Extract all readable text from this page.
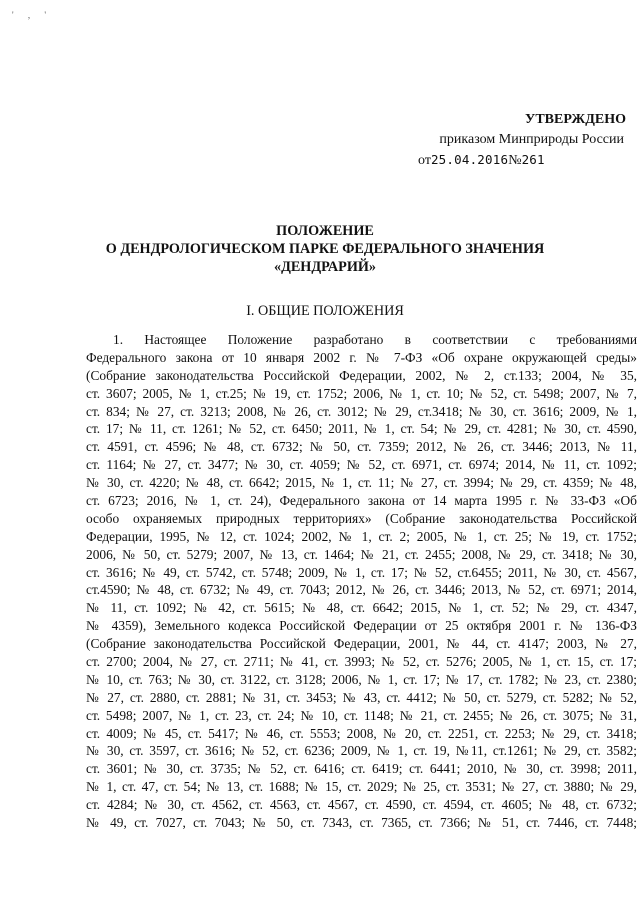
' , '
УТВЕРЖДЕНО
приказом Минприроды России
от25.04.2016№261
ПОЛОЖЕНИЕ
О ДЕНДРОЛОГИЧЕСКОМ ПАРКЕ ФЕДЕРАЛЬНОГО ЗНАЧЕНИЯ
«ДЕНДРАРИЙ»
I. ОБЩИЕ ПОЛОЖЕНИЯ
1. Настоящее Положение разработано в соответствии с требованиями
Федерального закона от 10 января 2002 г. № 7-ФЗ «Об охране окружающей среды»
(Собрание законодательства Российской Федерации, 2002, № 2, ст.133; 2004, № 35,
ст. 3607; 2005, № 1, ст.25; № 19, ст. 1752; 2006, № 1, ст. 10; № 52, ст. 5498; 2007, № 7,
ст. 834; № 27, ст. 3213; 2008, № 26, ст. 3012; № 29, ст.3418; № 30, ст. 3616; 2009, № 1,
ст. 17; № 11, ст. 1261; № 52, ст. 6450; 2011, № 1, ст. 54; № 29, ст. 4281; № 30, ст. 4590,
ст. 4591, ст. 4596; № 48, ст. 6732; № 50, ст. 7359; 2012, № 26, ст. 3446; 2013, № 11,
ст. 1164; № 27, ст. 3477; № 30, ст. 4059; № 52, ст. 6971, ст. 6974; 2014, № 11, ст. 1092;
№ 30, ст. 4220; № 48, ст. 6642; 2015, № 1, ст. 11; № 27, ст. 3994; № 29, ст. 4359; № 48,
ст. 6723; 2016, № 1, ст. 24), Федерального закона от 14 марта 1995 г. № 33-ФЗ «Об
особо охраняемых природных территориях» (Собрание законодательства Российской
Федерации, 1995, № 12, ст. 1024; 2002, № 1, ст. 2; 2005, № 1, ст. 25; № 19, ст. 1752;
2006, № 50, ст. 5279; 2007, № 13, ст. 1464; № 21, ст. 2455; 2008, № 29, ст. 3418; № 30,
ст. 3616; № 49, ст. 5742, ст. 5748; 2009, № 1, ст. 17; № 52, ст.6455; 2011, № 30, ст. 4567,
ст.4590; № 48, ст. 6732; № 49, ст. 7043; 2012, № 26, ст. 3446; 2013, № 52, ст. 6971; 2014,
№ 11, ст. 1092; № 42, ст. 5615; № 48, ст. 6642; 2015, № 1, ст. 52; № 29, ст. 4347,
№ 4359), Земельного кодекса Российской Федерации от 25 октября 2001 г. № 136-ФЗ
(Собрание законодательства Российской Федерации, 2001, № 44, ст. 4147; 2003, № 27,
ст. 2700; 2004, № 27, ст. 2711; № 41, ст. 3993; № 52, ст. 5276; 2005, № 1, ст. 15, ст. 17;
№ 10, ст. 763; № 30, ст. 3122, ст. 3128; 2006, № 1, ст. 17; № 17, ст. 1782; № 23, ст. 2380;
№ 27, ст. 2880, ст. 2881; № 31, ст. 3453; № 43, ст. 4412; № 50, ст. 5279, ст. 5282; № 52,
ст. 5498; 2007, № 1, ст. 23, ст. 24; № 10, ст. 1148; № 21, ст. 2455; № 26, ст. 3075; № 31,
ст. 4009; № 45, ст. 5417; № 46, ст. 5553; 2008, № 20, ст. 2251, ст. 2253; № 29, ст. 3418;
№ 30, ст. 3597, ст. 3616; № 52, ст. 6236; 2009, № 1, ст. 19, №11, ст.1261; № 29, ст. 3582;
ст. 3601; № 30, ст. 3735; № 52, ст. 6416; ст. 6419; ст. 6441; 2010, № 30, ст. 3998; 2011,
№ 1, ст. 47, ст. 54; № 13, ст. 1688; № 15, ст. 2029; № 25, ст. 3531; № 27, ст. 3880; № 29,
ст. 4284; № 30, ст. 4562, ст. 4563, ст. 4567, ст. 4590, ст. 4594, ст. 4605; № 48, ст. 6732;
№ 49, ст. 7027, ст. 7043; № 50, ст. 7343, ст. 7365, ст. 7366; № 51, ст. 7446, ст. 7448;
